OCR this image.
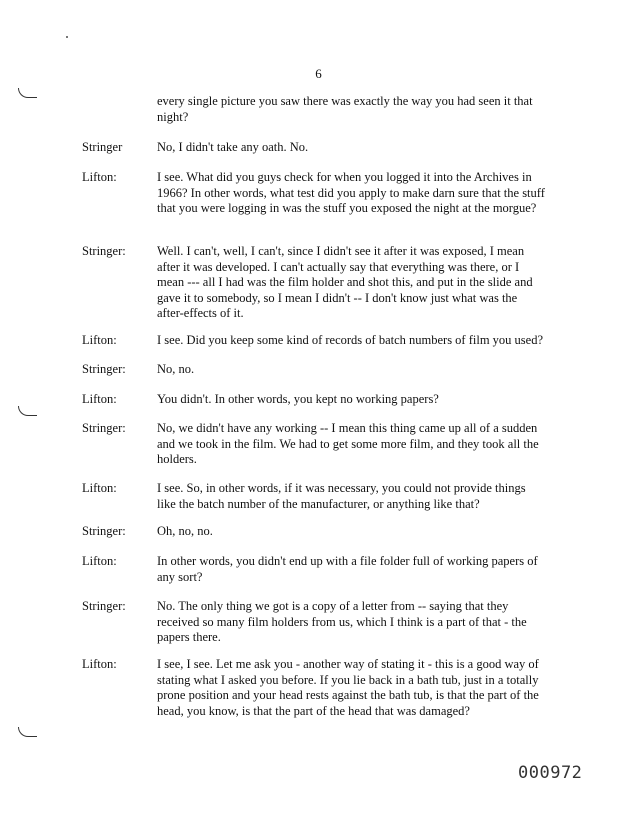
6
every single picture you saw there was exactly the way you had seen it that night?
Stringer	No, I didn't take any oath. No.
Lifton:	I see. What did you guys check for when you logged it into the Archives in 1966? In other words, what test did you apply to make darn sure that the stuff that you were logging in was the stuff you exposed the night at the morgue?
Stringer:	Well. I can't, well, I can't, since I didn't see it after it was exposed, I mean after it was developed. I can't actually say that everything was there, or I mean --- all I had was the film holder and shot this, and put in the slide and gave it to somebody, so I mean I didn't -- I don't know just what was the after-effects of it.
Lifton:	I see. Did you keep some kind of records of batch numbers of film you used?
Stringer:	No, no.
Lifton:	You didn't. In other words, you kept no working papers?
Stringer:	No, we didn't have any working -- I mean this thing came up all of a sudden and we took in the film. We had to get some more film, and they took all the holders.
Lifton:	I see. So, in other words, if it was necessary, you could not provide things like the batch number of the manufacturer, or anything like that?
Stringer:	Oh, no, no.
Lifton:	In other words, you didn't end up with a file folder full of working papers of any sort?
Stringer:	No. The only thing we got is a copy of a letter from -- saying that they received so many film holders from us, which I think is a part of that - the papers there.
Lifton:	I see, I see. Let me ask you - another way of stating it - this is a good way of stating what I asked you before. If you lie back in a bath tub, just in a totally prone position and your head rests against the bath tub, is that the part of the head, you know, is that the part of the head that was damaged?
000972
